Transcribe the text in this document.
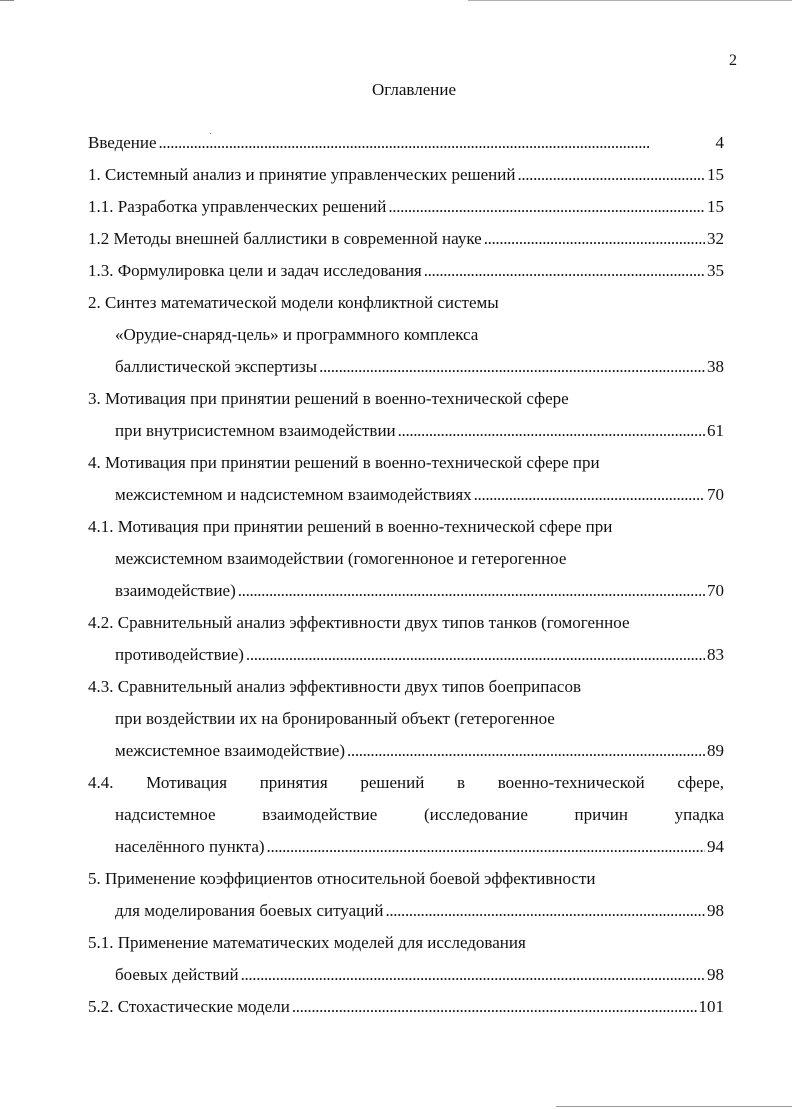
2
Оглавление
Введение . . .	4
1. Системный анализ и принятие управленческих решений . . .	15
1.1. Разработка управленческих решений . . .	15
1.2 Методы внешней баллистики в современной науке . . .	32
1.3. Формулировка цели и задач исследования . . .	35
2. Синтез математической модели конфликтной системы
«Орудие-снаряд-цель» и программного комплекса
баллистической экспертизы . . .	38
3. Мотивация при принятии решений в военно-технической сфере
при внутрисистемном взаимодействии . . .	61
4. Мотивация при принятии решений в военно-технической сфере при
межсистемном и надсистемном взаимодействиях . . .	70
4.1. Мотивация при принятии решений в военно-технической сфере при
межсистемном взаимодействии (гомогенноное и гетерогенное
взаимодействие) . . .	70
4.2. Сравнительный анализ эффективности двух типов танков (гомогенное
противодействие) . . .	83
4.3. Сравнительный анализ эффективности двух типов боеприпасов
при воздействии их на бронированный объект (гетерогенное
межсистемное взаимодействие) . . .	89
4.4. Мотивация принятия решений в военно-технической сфере,
надсистемное взаимодействие (исследование причин упадка
населённого пункта) . . .	94
5. Применение коэффициентов относительной боевой эффективности
для моделирования боевых ситуаций . . .	98
5.1. Применение математических моделей для исследования
боевых действий . . .	98
5.2. Стохастические модели . . .	101
